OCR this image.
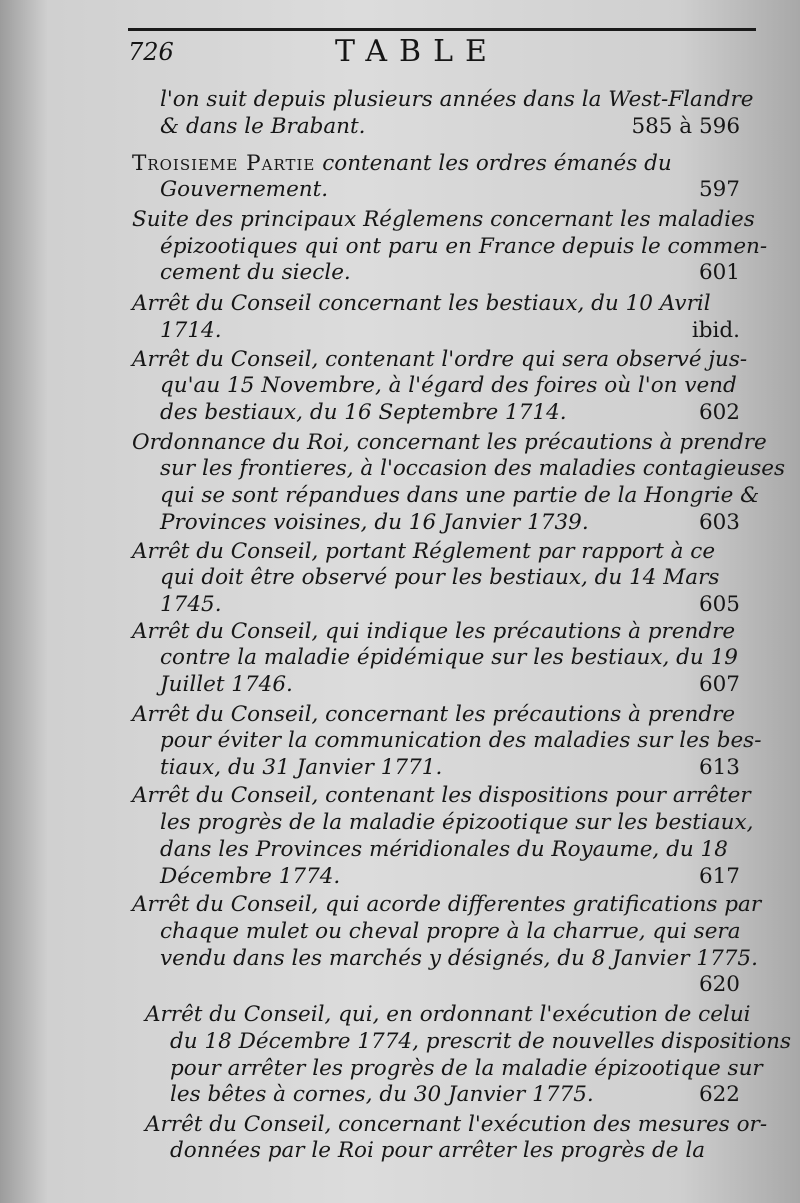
726	TABLE
l'on suit depuis plusieurs années dans la West-Flandre
& dans le Brabant.	585 à 596
Troisieme Partie contenant les ordres émanés du
Gouvernement.	597
Suite des principaux Réglemens concernant les maladies
épizootiques qui ont paru en France depuis le commen-
cement du siecle.	601
Arrêt du Conseil concernant les bestiaux, du 10 Avril
1714.	ibid.
Arrêt du Conseil, contenant l'ordre qui sera observé jus-
qu'au 15 Novembre, à l'égard des foires où l'on vend
des bestiaux, du 16 Septembre 1714.	602
Ordonnance du Roi, concernant les précautions à prendre
sur les frontieres, à l'occasion des maladies contagieuses
qui se sont répandues dans une partie de la Hongrie &
Provinces voisines, du 16 Janvier 1739.	603
Arrêt du Conseil, portant Réglement par rapport à ce
qui doit être observé pour les bestiaux, du 14 Mars
1745.	605
Arrêt du Conseil, qui indique les précautions à prendre
contre la maladie épidémique sur les bestiaux, du 19
Juillet 1746.	607
Arrêt du Conseil, concernant les précautions à prendre
pour éviter la communication des maladies sur les bes-
tiaux, du 31 Janvier 1771.	613
Arrêt du Conseil, contenant les dispositions pour arrêter
les progrès de la maladie épizootique sur les bestiaux,
dans les Provinces méridionales du Royaume, du 18
Décembre 1774.	617
Arrêt du Conseil, qui acorde differentes gratifications par
chaque mulet ou cheval propre à la charrue, qui sera
vendu dans les marchés y désignés, du 8 Janvier 1775.
620
Arrêt du Conseil, qui, en ordonnant l'exécution de celui
du 18 Décembre 1774, prescrit de nouvelles dispositions
pour arrêter les progrès de la maladie épizootique sur
les bêtes à cornes, du 30 Janvier 1775.	622
Arrêt du Conseil, concernant l'exécution des mesures or-
données par le Roi pour arrêter les progrès de la
